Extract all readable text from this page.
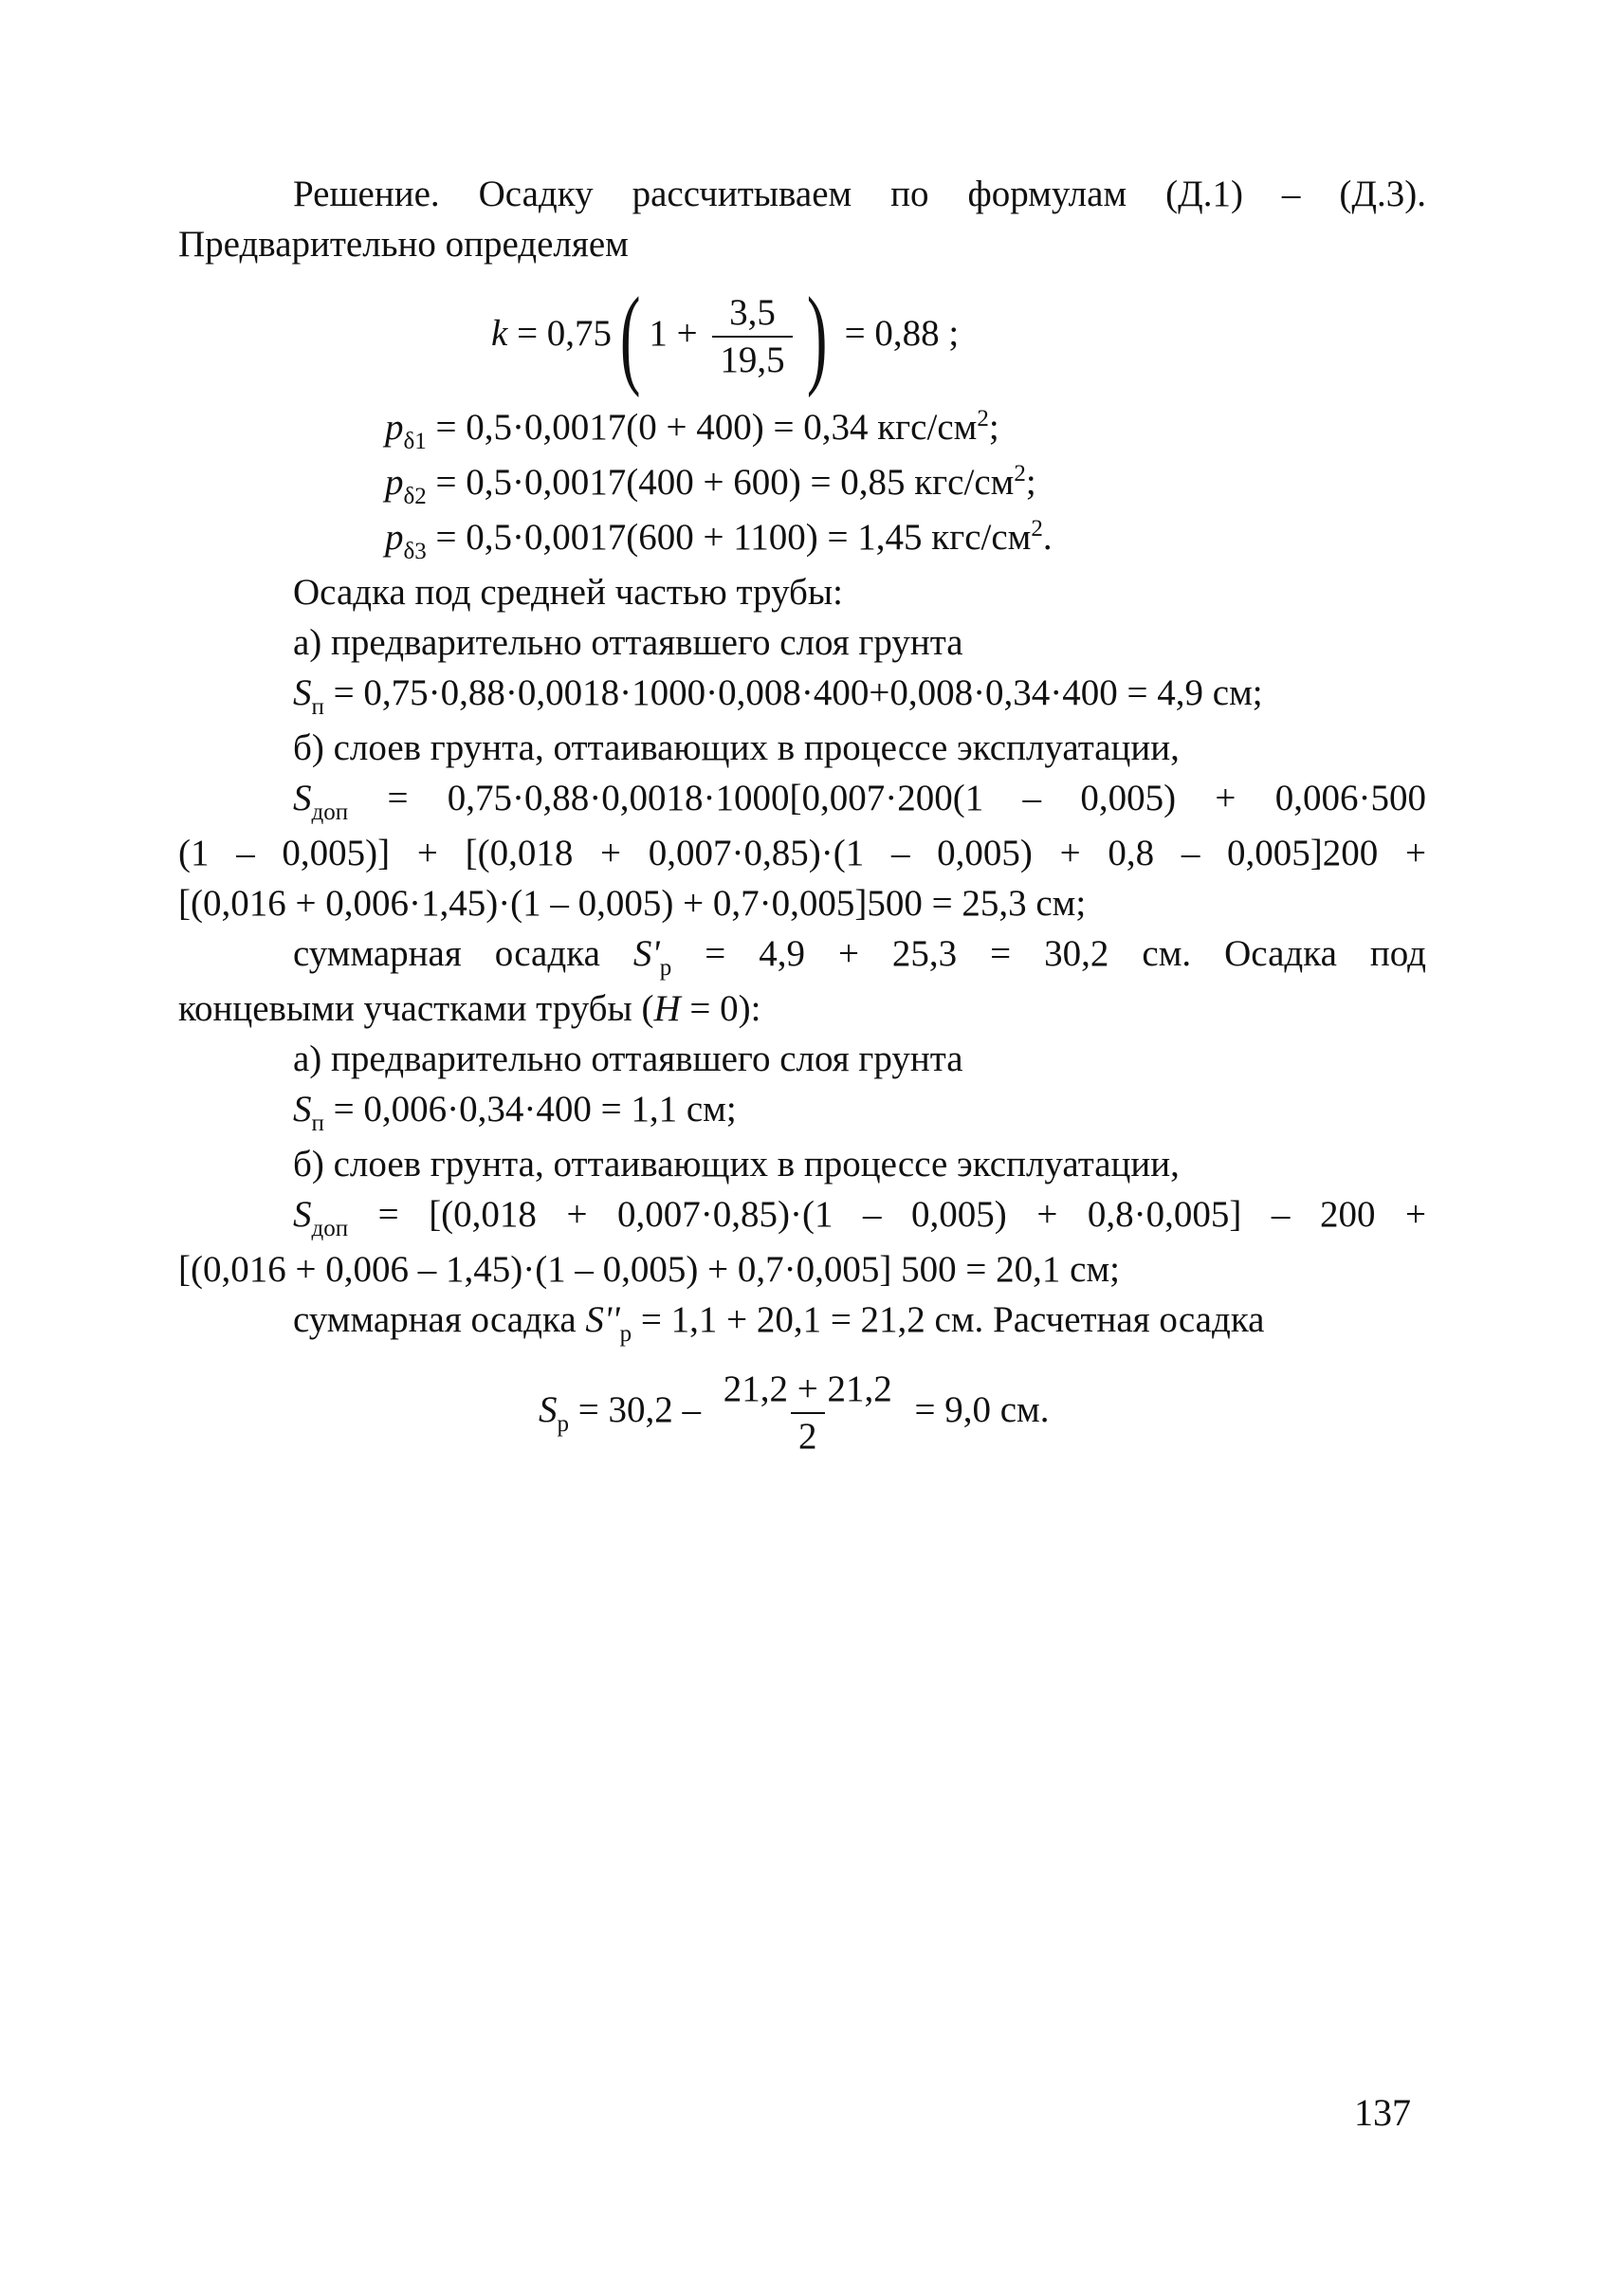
Решение. Осадку рассчитываем по формулам (Д.1) – (Д.3).
Предварительно определяем
k = 0,75( $1 + \frac{3,5}{19,5}$ ) = 0,88 ;
$p_{\delta 1} = 0,5\cdot 0,0017(0 + 400) = 0,34$ кгс/$см^2$;
$p_{\delta 2} = 0,5\cdot 0,0017(400 + 600) = 0,85$ кгс/$см^2$;
$p_{\delta 3} = 0,5\cdot 0,0017(600 + 1100) = 1,45$ кгс/$см^2$.
Осадка под средней частью трубы:
а) предварительно оттаявшего слоя грунта
$S_п = 0,75\cdot 0,88\cdot 0,0018\cdot 1000\cdot 0,008\cdot 400+0,008\cdot 0,34\cdot 400 = 4,9$ см;
б) слоев грунта, оттаивающих в процессе эксплуатации,
$S_{доп} = 0,75\cdot 0,88\cdot 0,0018\cdot 1000[0,007\cdot 200(1 - 0,005) + 0,006\cdot 500$
(1 – 0,005)] + [(0,018 + 0,007·0,85)·(1 – 0,005) + 0,8 – 0,005]200 +
[(0,016 + 0,006·1,45)·(1 – 0,005) + 0,7·0,005]500 = 25,3 см;
суммарная осадка $S'_р = 4,9 + 25,3 = 30,2$ см. Осадка под
концевыми участками трубы (H = 0):
а) предварительно оттаявшего слоя грунта
$S_п = 0,006\cdot 0,34\cdot 400 = 1,1$ см;
б) слоев грунта, оттаивающих в процессе эксплуатации,
$S_{доп} = [(0,018 + 0,007\cdot 0,85)\cdot(1 - 0,005) + 0,8\cdot 0,005] - 200$ +
[(0,016 + 0,006 – 1,45)·(1 – 0,005) + 0,7·0,005] 500 = 20,1 см;
суммарная осадка $S''_р = 1,1 + 20,1 = 21,2$ см. Расчетная осадка
$S_р = 30,2 - \frac{21,2 + 21,2}{2} = 9,0$ см.
137
